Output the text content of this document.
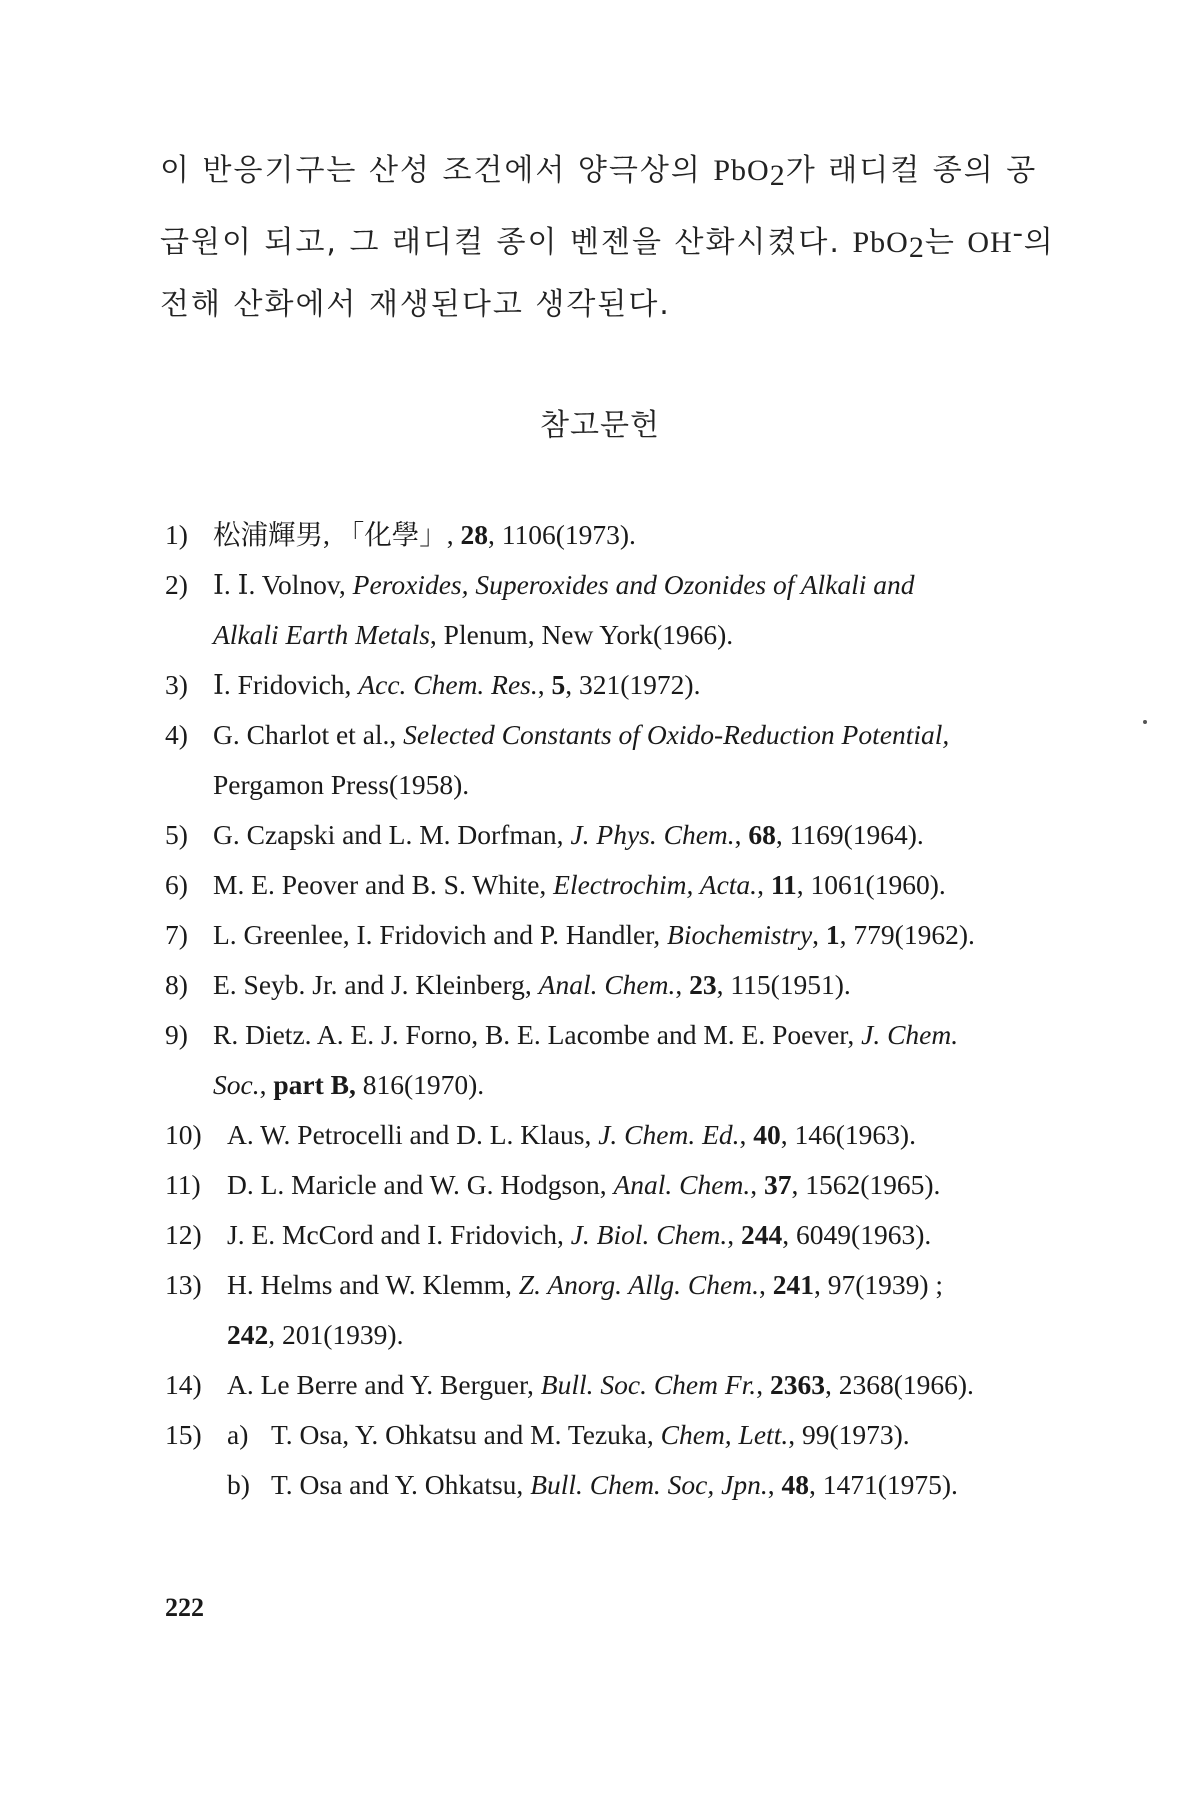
이 반응기구는 산성 조건에서 양극상의 PbO$_2$가 래디컬 종의 공
급원이 되고, 그 래디컬 종이 벤젠을 산화시켰다. PbO$_2$는 OH-의
전해 산화에서 재생된다고 생각된다.
참고문헌
1) 松浦輝男, 「化學」, 28, 1106(1973).
2) Ⅰ. Ⅰ. Volnov, Peroxides, Superoxides and Ozonides of Alkali and
Alkali Earth Metals, Plenum, New York(1966).
3) Ⅰ. Fridovich, Acc. Chem. Res., 5, 321(1972).
4) G. Charlot et al., Selected Constants of Oxido-Reduction Potential,
Pergamon Press(1958).
5) G. Czapski and L. M. Dorfman, J. Phys. Chem., 68, 1169(1964).
6) M. E. Peover and B. S. White, Electrochim, Acta., 11, 1061(1960).
7) L. Greenlee, I. Fridovich and P. Handler, Biochemistry, 1, 779(1962).
8) E. Seyb. Jr. and J. Kleinberg, Anal. Chem., 23, 115(1951).
9) R. Dietz. A. E. J. Forno, B. E. Lacombe and M. E. Poever, J. Chem.
Soc., part B, 816(1970).
10) A. W. Petrocelli and D. L. Klaus, J. Chem. Ed., 40, 146(1963).
11) D. L. Maricle and W. G. Hodgson, Anal. Chem., 37, 1562(1965).
12) J. E. McCord and I. Fridovich, J. Biol. Chem., 244, 6049(1963).
13) H. Helms and W. Klemm, Z. Anorg. Allg. Chem., 241, 97(1939) ;
242, 201(1939).
14) A. Le Berre and Y. Berguer, Bull. Soc. Chem Fr., 2363, 2368(1966).
15) a) T. Osa, Y. Ohkatsu and M. Tezuka, Chem, Lett., 99(1973).
b) T. Osa and Y. Ohkatsu, Bull. Chem. Soc, Jpn., 48, 1471(1975).
222
